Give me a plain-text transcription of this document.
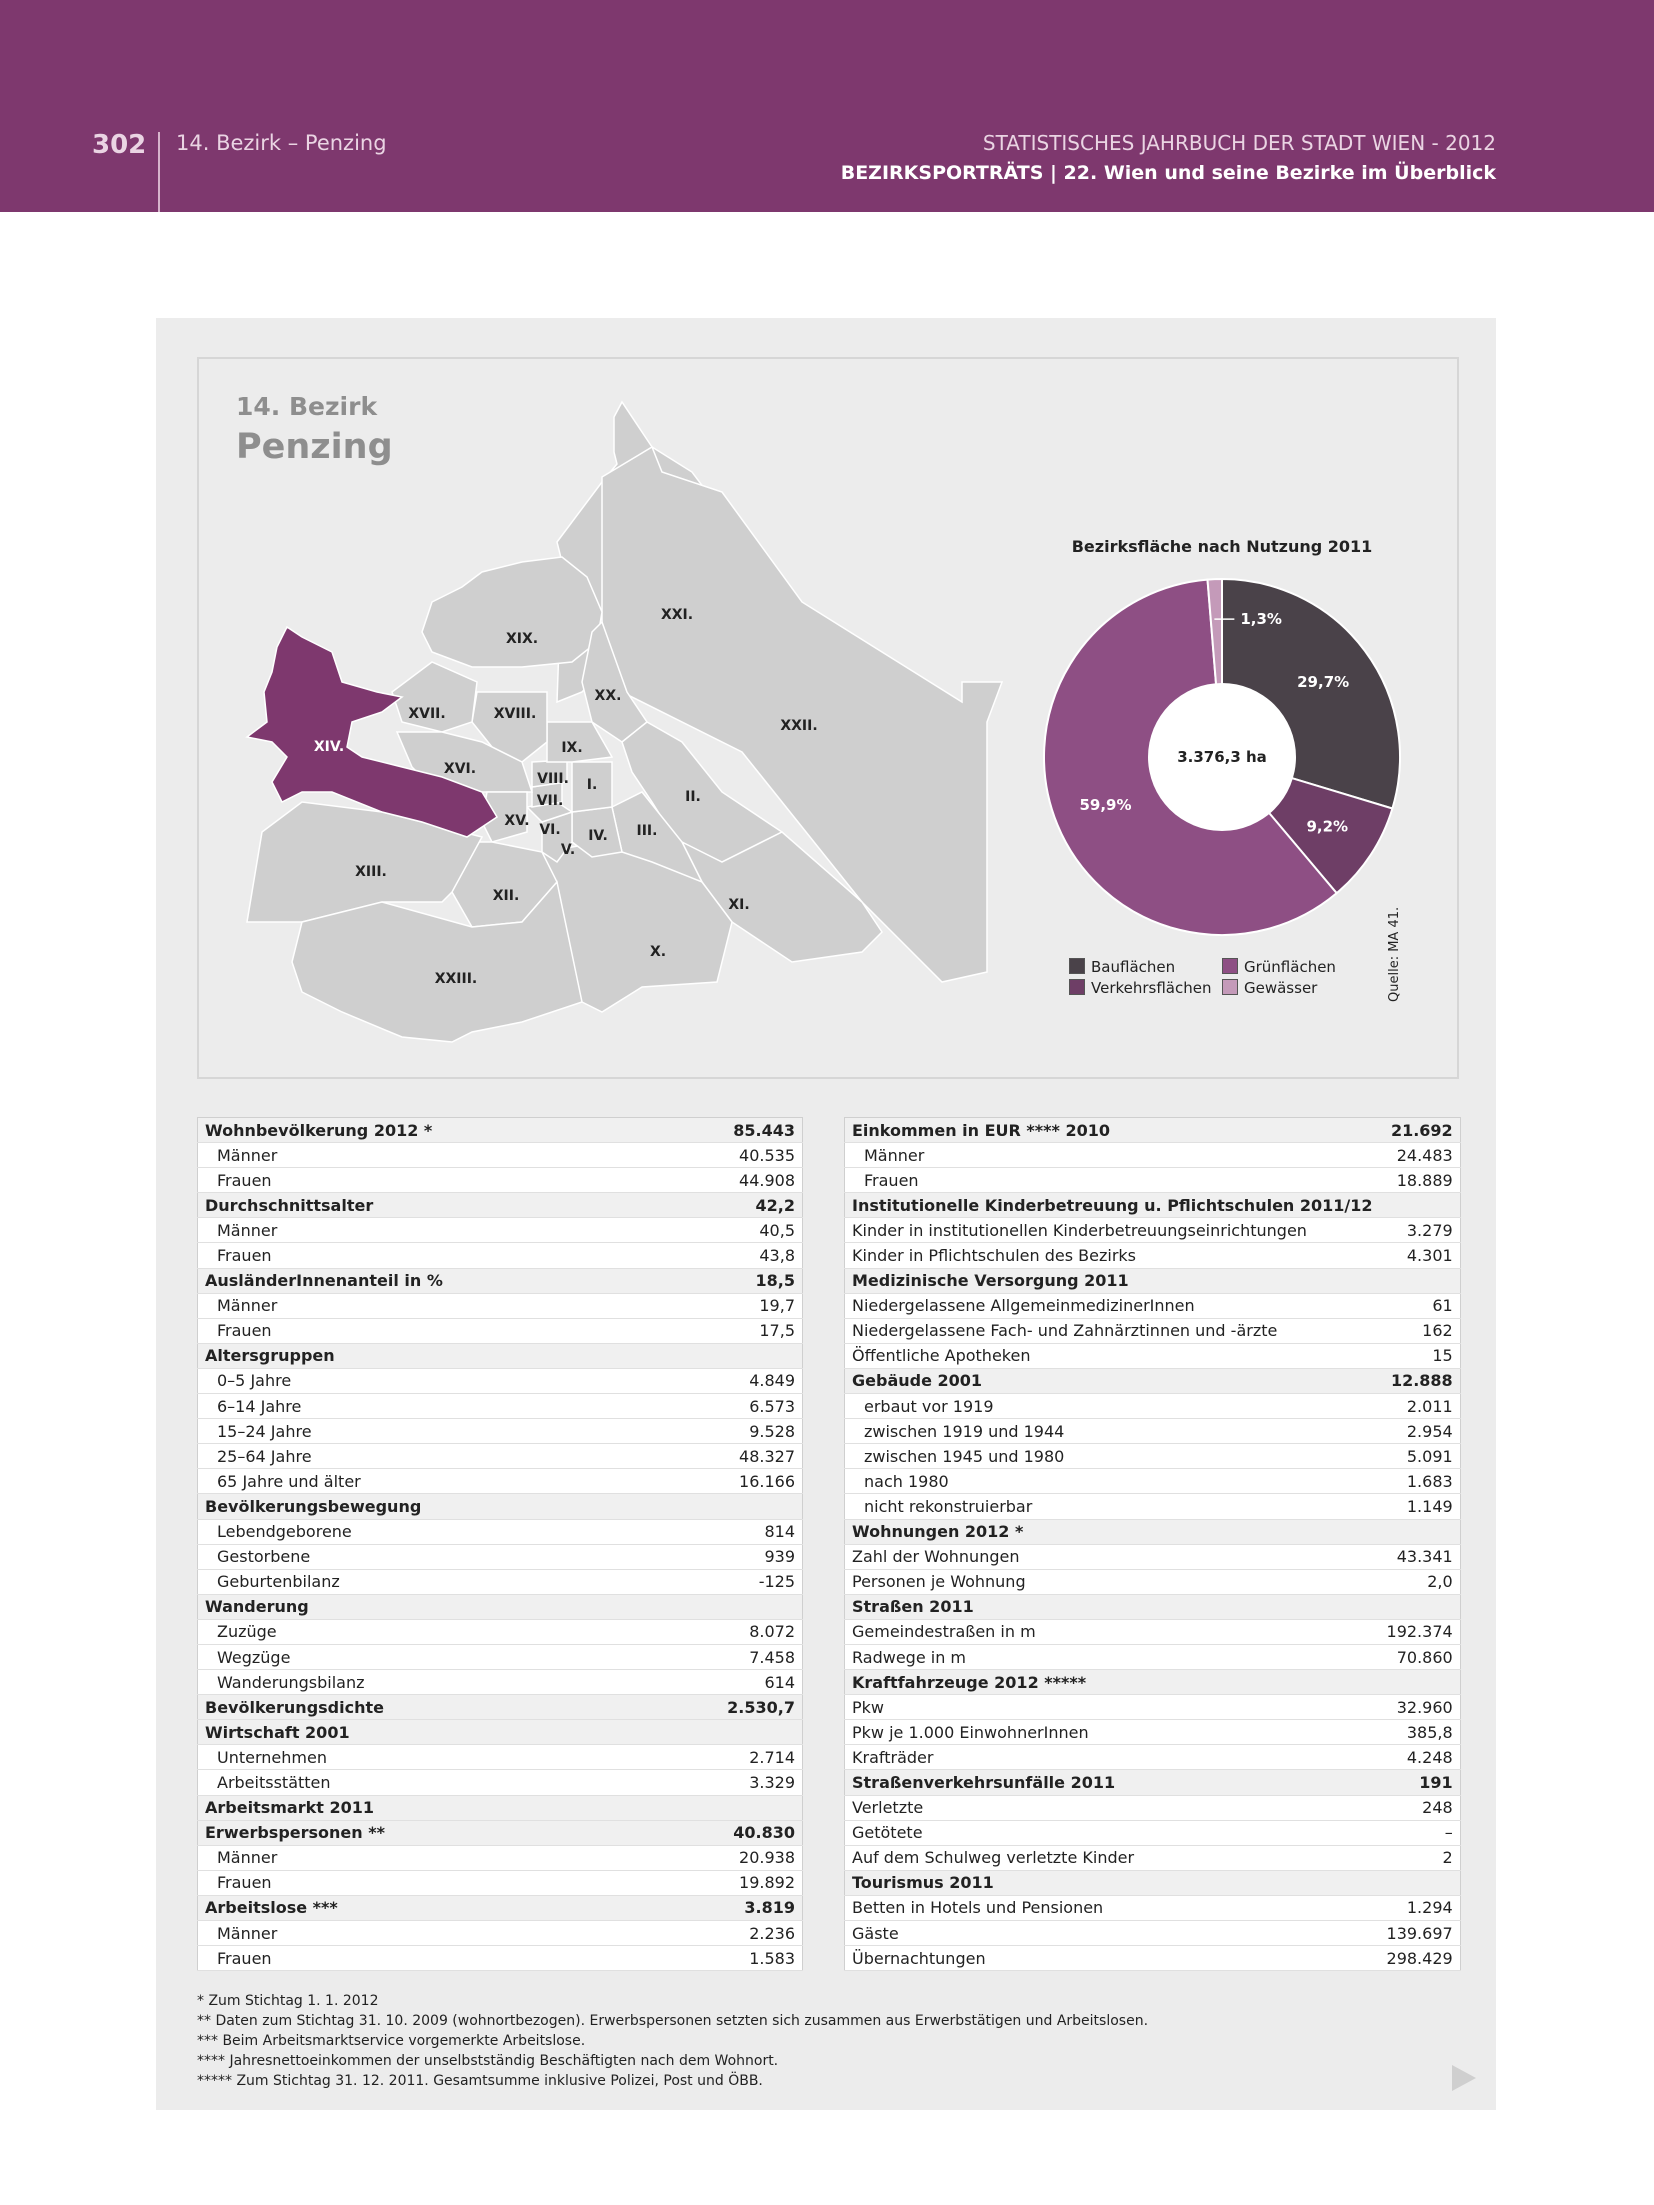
302 14. Bezirk – Penzing	STATISTISCHES JAHRBUCH DER STADT WIEN - 2012
BEZIRKSPORTRÄTS | 22. Wien und seine Bezirke im Überblick
14. Bezirk
Penzing
XIX.
XXI.
XX.
XXII.
XVII.	XVIII.
XIV.	IX.
XVI.
VIII. I.
VII.	II.
XV.
VI. IV. III.
V.
XIII.
XII.
XI.
X.
XXIII.
Bezirksfläche nach Nutzung 2011
3.376,3 ha
29,7%
9,2%
59,9%
1,3%
Bauflächen
Verkehrsflächen
Grünflächen
Gewässer	Quelle: MA 41.
Wohnbevölkerung 2012 *	85.443
Männer	40.535
Frauen	44.908
Durchschnittsalter	42,2
Männer	40,5
Frauen	43,8
AusländerInnenanteil in %	18,5
Männer	19,7
Frauen	17,5
Altersgruppen	
0–5 Jahre	4.849
6–14 Jahre	6.573
15–24 Jahre	9.528
25–64 Jahre	48.327
65 Jahre und älter	16.166
Bevölkerungsbewegung	
Lebendgeborene	814
Gestorbene	939
Geburtenbilanz	-125
Wanderung	
Zuzüge	8.072
Wegzüge	7.458
Wanderungsbilanz	614
Bevölkerungsdichte	2.530,7
Wirtschaft 2001	
Unternehmen	2.714
Arbeitsstätten	3.329
Arbeitsmarkt 2011	
Erwerbspersonen **	40.830
Männer	20.938
Frauen	19.892
Arbeitslose ***	3.819
Männer	2.236
Frauen	1.583
Einkommen in EUR **** 2010	21.692
Männer	24.483
Frauen	18.889
Institutionelle Kinderbetreuung u. Pflichtschulen 2011/12	
Kinder in institutionellen Kinderbetreuungseinrichtungen	3.279
Kinder in Pflichtschulen des Bezirks	4.301
Medizinische Versorgung 2011	
Niedergelassene AllgemeinmedizinerInnen	61
Niedergelassene Fach- und Zahnärztinnen und -ärzte	162
Öffentliche Apotheken	15
Gebäude 2001	12.888
erbaut vor 1919	2.011
zwischen 1919 und 1944	2.954
zwischen 1945 und 1980	5.091
nach 1980	1.683
nicht rekonstruierbar	1.149
Wohnungen 2012 *	
Zahl der Wohnungen	43.341
Personen je Wohnung	2,0
Straßen 2011	
Gemeindestraßen in m	192.374
Radwege in m	70.860
Kraftfahrzeuge 2012 *****	
Pkw	32.960
Pkw je 1.000 EinwohnerInnen	385,8
Krafträder	4.248
Straßenverkehrsunfälle 2011	191
Verletzte	248
Getötete	–
Auf dem Schulweg verletzte Kinder	2
Tourismus 2011	
Betten in Hotels und Pensionen	1.294
Gäste	139.697
Übernachtungen	298.429
* Zum Stichtag 1. 1. 2012
** Daten zum Stichtag 31. 10. 2009 (wohnortbezogen). Erwerbspersonen setzten sich zusammen aus Erwerbstätigen und Arbeitslosen.
*** Beim Arbeitsmarktservice vorgemerkte Arbeitslose.
**** Jahresnettoeinkommen der unselbstständig Beschäftigten nach dem Wohnort.
***** Zum Stichtag 31. 12. 2011. Gesamtsumme inklusive Polizei, Post und ÖBB.
